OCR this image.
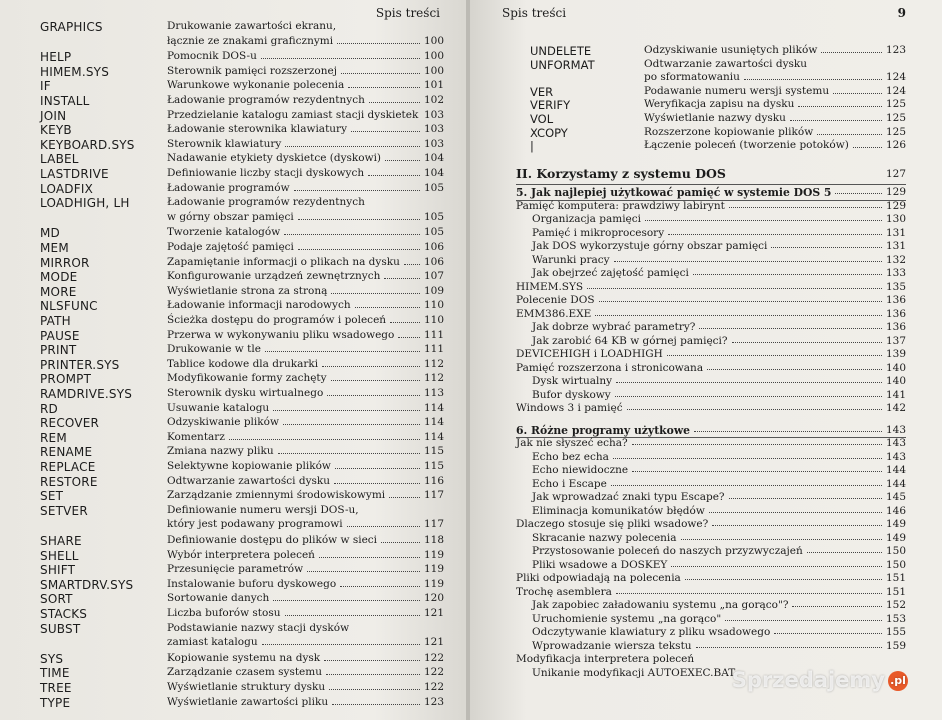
Spis treści
GRAPHICS	Drukowanie zawartości ekranu,
łącznie ze znakami graficznymi	100
HELP	Pomocnik DOS-u	100
HIMEM.SYS	Sterownik pamięci rozszerzonej	100
IF	Warunkowe wykonanie polecenia	101
INSTALL	Ładowanie programów rezydentnych	102
JOIN	Przedzielanie katalogu zamiast stacji dyskietek 103
KEYB	Ładowanie sterownika klawiatury	103
KEYBOARD.SYS	Sterownik klawiatury	103
LABEL	Nadawanie etykiety dyskietce (dyskowi)	104
LASTDRIVE	Definiowanie liczby stacji dyskowych	104
LOADFIX	Ładowanie programów	105
LOADHIGH, LH	Ładowanie programów rezydentnych
w górny obszar pamięci	105
MD	Tworzenie katalogów	105
MEM	Podaje zajętość pamięci	106
MIRROR	Zapamiętanie informacji o plikach na dysku 106
MODE	Konfigurowanie urządzeń zewnętrznych	107
MORE	Wyświetlanie strona za stroną	109
NLSFUNC	Ładowanie informacji narodowych	110
PATH	Ścieżka dostępu do programów i poleceń	110
PAUSE	Przerwa w wykonywaniu pliku wsadowego	111
PRINT	Drukowanie w tle	111
PRINTER.SYS	Tablice kodowe dla drukarki	112
PROMPT	Modyfikowanie formy zachęty	112
RAMDRIVE.SYS	Sterownik dysku wirtualnego	113
RD	Usuwanie katalogu	114
RECOVER	Odzyskiwanie plików	114
REM	Komentarz	114
RENAME	Zmiana nazwy pliku	115
REPLACE	Selektywne kopiowanie plików	115
RESTORE	Odtwarzanie zawartości dysku	116
SET	Zarządzanie zmiennymi środowiskowymi	117
SETVER	Definiowanie numeru wersji DOS-u,
który jest podawany programowi	117
SHARE	Definiowanie dostępu do plików w sieci	118
SHELL	Wybór interpretera poleceń	119
SHIFT	Przesunięcie parametrów	119
SMARTDRV.SYS	Instalowanie buforu dyskowego	119
SORT	Sortowanie danych	120
STACKS	Liczba buforów stosu	121
SUBST	Podstawianie nazwy stacji dysków
zamiast katalogu	121
SYS	Kopiowanie systemu na dysk	122
TIME	Zarządzanie czasem systemu	122
TREE	Wyświetlanie struktury dysku	122
TYPE	Wyświetlanie zawartości pliku	123
Spis treści	9
UNDELETE	Odzyskiwanie usuniętych plików	123
UNFORMAT	Odtwarzanie zawartości dysku
po sformatowaniu	124
VER	Podawanie numeru wersji systemu	124
VERIFY	Weryfikacja zapisu na dysku	125
VOL	Wyświetlanie nazwy dysku	125
XCOPY	Rozszerzone kopiowanie plików	125
|	Łączenie poleceń (tworzenie potoków)	126
II. Korzystamy z systemu DOS	127
5. Jak najlepiej użytkować pamięć w systemie DOS 5	129
Pamięć komputera: prawdziwy labirynt	129
Organizacja pamięci	130
Pamięć i mikroprocesory	131
Jak DOS wykorzystuje górny obszar pamięci	131
Warunki pracy	132
Jak obejrzeć zajętość pamięci	133
HIMEM.SYS	135
Polecenie DOS	136
EMM386.EXE	136
Jak dobrze wybrać parametry?	136
Jak zarobić 64 KB w górnej pamięci?	137
DEVICEHIGH i LOADHIGH	139
Pamięć rozszerzona i stronicowana	140
Dysk wirtualny	140
Bufor dyskowy	141
Windows 3 i pamięć	142
6. Różne programy użytkowe	143
Jak nie słyszeć echa?	143
Echo bez echa	143
Echo niewidoczne	144
Echo i Escape	144
Jak wprowadzać znaki typu Escape?	145
Eliminacja komunikatów błędów	146
Dlaczego stosuje się pliki wsadowe?	149
Skracanie nazwy polecenia	149
Przystosowanie poleceń do naszych przyzwyczajeń	150
Pliki wsadowe a DOSKEY	150
Pliki odpowiadają na polecenia	151
Trochę asemblera	151
Jak zapobiec załadowaniu systemu „na gorąco"?	152
Uruchomienie systemu „na gorąco"	153
Odczytywanie klawiatury z pliku wsadowego	155
Wprowadzanie wiersza tekstu	159
Modyfikacja interpretera poleceń
Unikanie modyfikacji AUTOEXEC.BAT
Sprzedajemy .pl
